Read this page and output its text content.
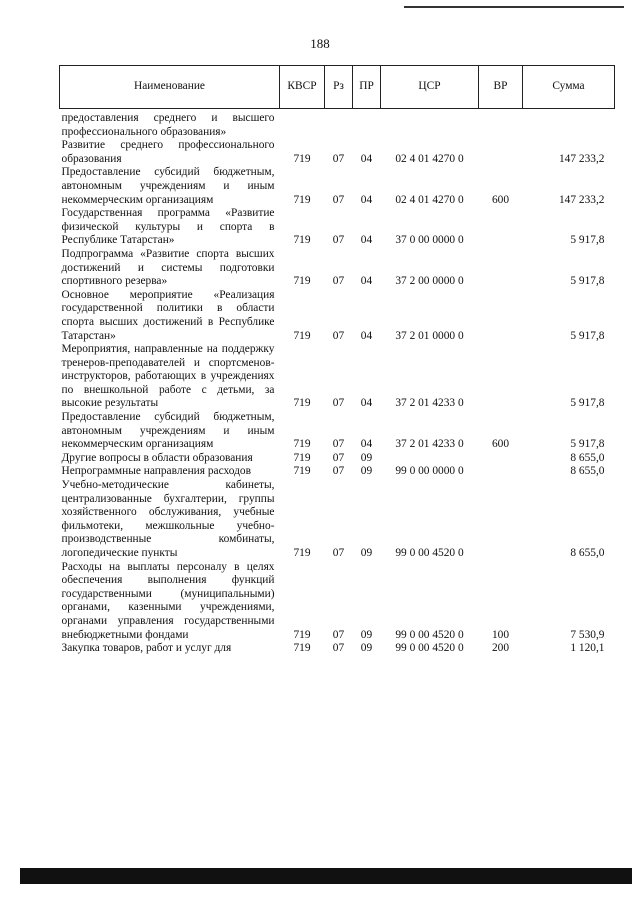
188
Наименование	КВСР	Рз	ПР	ЦСР	ВР	Сумма
предоставления среднего и высшего профессионального образования»						
Развитие среднего профессионального образования	719	07	04	02 4 01 4270 0		147 233,2
Предоставление субсидий бюджетным, автономным учреждениям и иным некоммерческим организациям	719	07	04	02 4 01 4270 0	600	147 233,2
Государственная программа «Развитие физической культуры и спорта в Республике Татарстан»	719	07	04	37 0 00 0000 0		5 917,8
Подпрограмма «Развитие спорта высших достижений и системы подготовки спортивного резерва»	719	07	04	37 2 00 0000 0		5 917,8
Основное мероприятие «Реализация государственной политики в области спорта высших достижений в Республике Татарстан»	719	07	04	37 2 01 0000 0		5 917,8
Мероприятия, направленные на поддержку тренеров-преподавателей и спортсменов-инструкторов, работающих в учреждениях по внешкольной работе с детьми, за высокие результаты	719	07	04	37 2 01 4233 0		5 917,8
Предоставление субсидий бюджетным, автономным учреждениям и иным некоммерческим организациям	719	07	04	37 2 01 4233 0	600	5 917,8
Другие вопросы в области образования	719	07	09			8 655,0
Непрограммные направления расходов	719	07	09	99 0 00 0000 0		8 655,0
Учебно-методические кабинеты, централизованные бухгалтерии, группы хозяйственного обслуживания, учебные фильмотеки, межшкольные учебно-производственные комбинаты, логопедические пункты	719	07	09	99 0 00 4520 0		8 655,0
Расходы на выплаты персоналу в целях обеспечения выполнения функций государственными (муниципальными) органами, казенными учреждениями, органами управления государственными внебюджетными фондами	719	07	09	99 0 00 4520 0	100	7 530,9
Закупка товаров, работ и услуг для	719	07	09	99 0 00 4520 0	200	1 120,1
